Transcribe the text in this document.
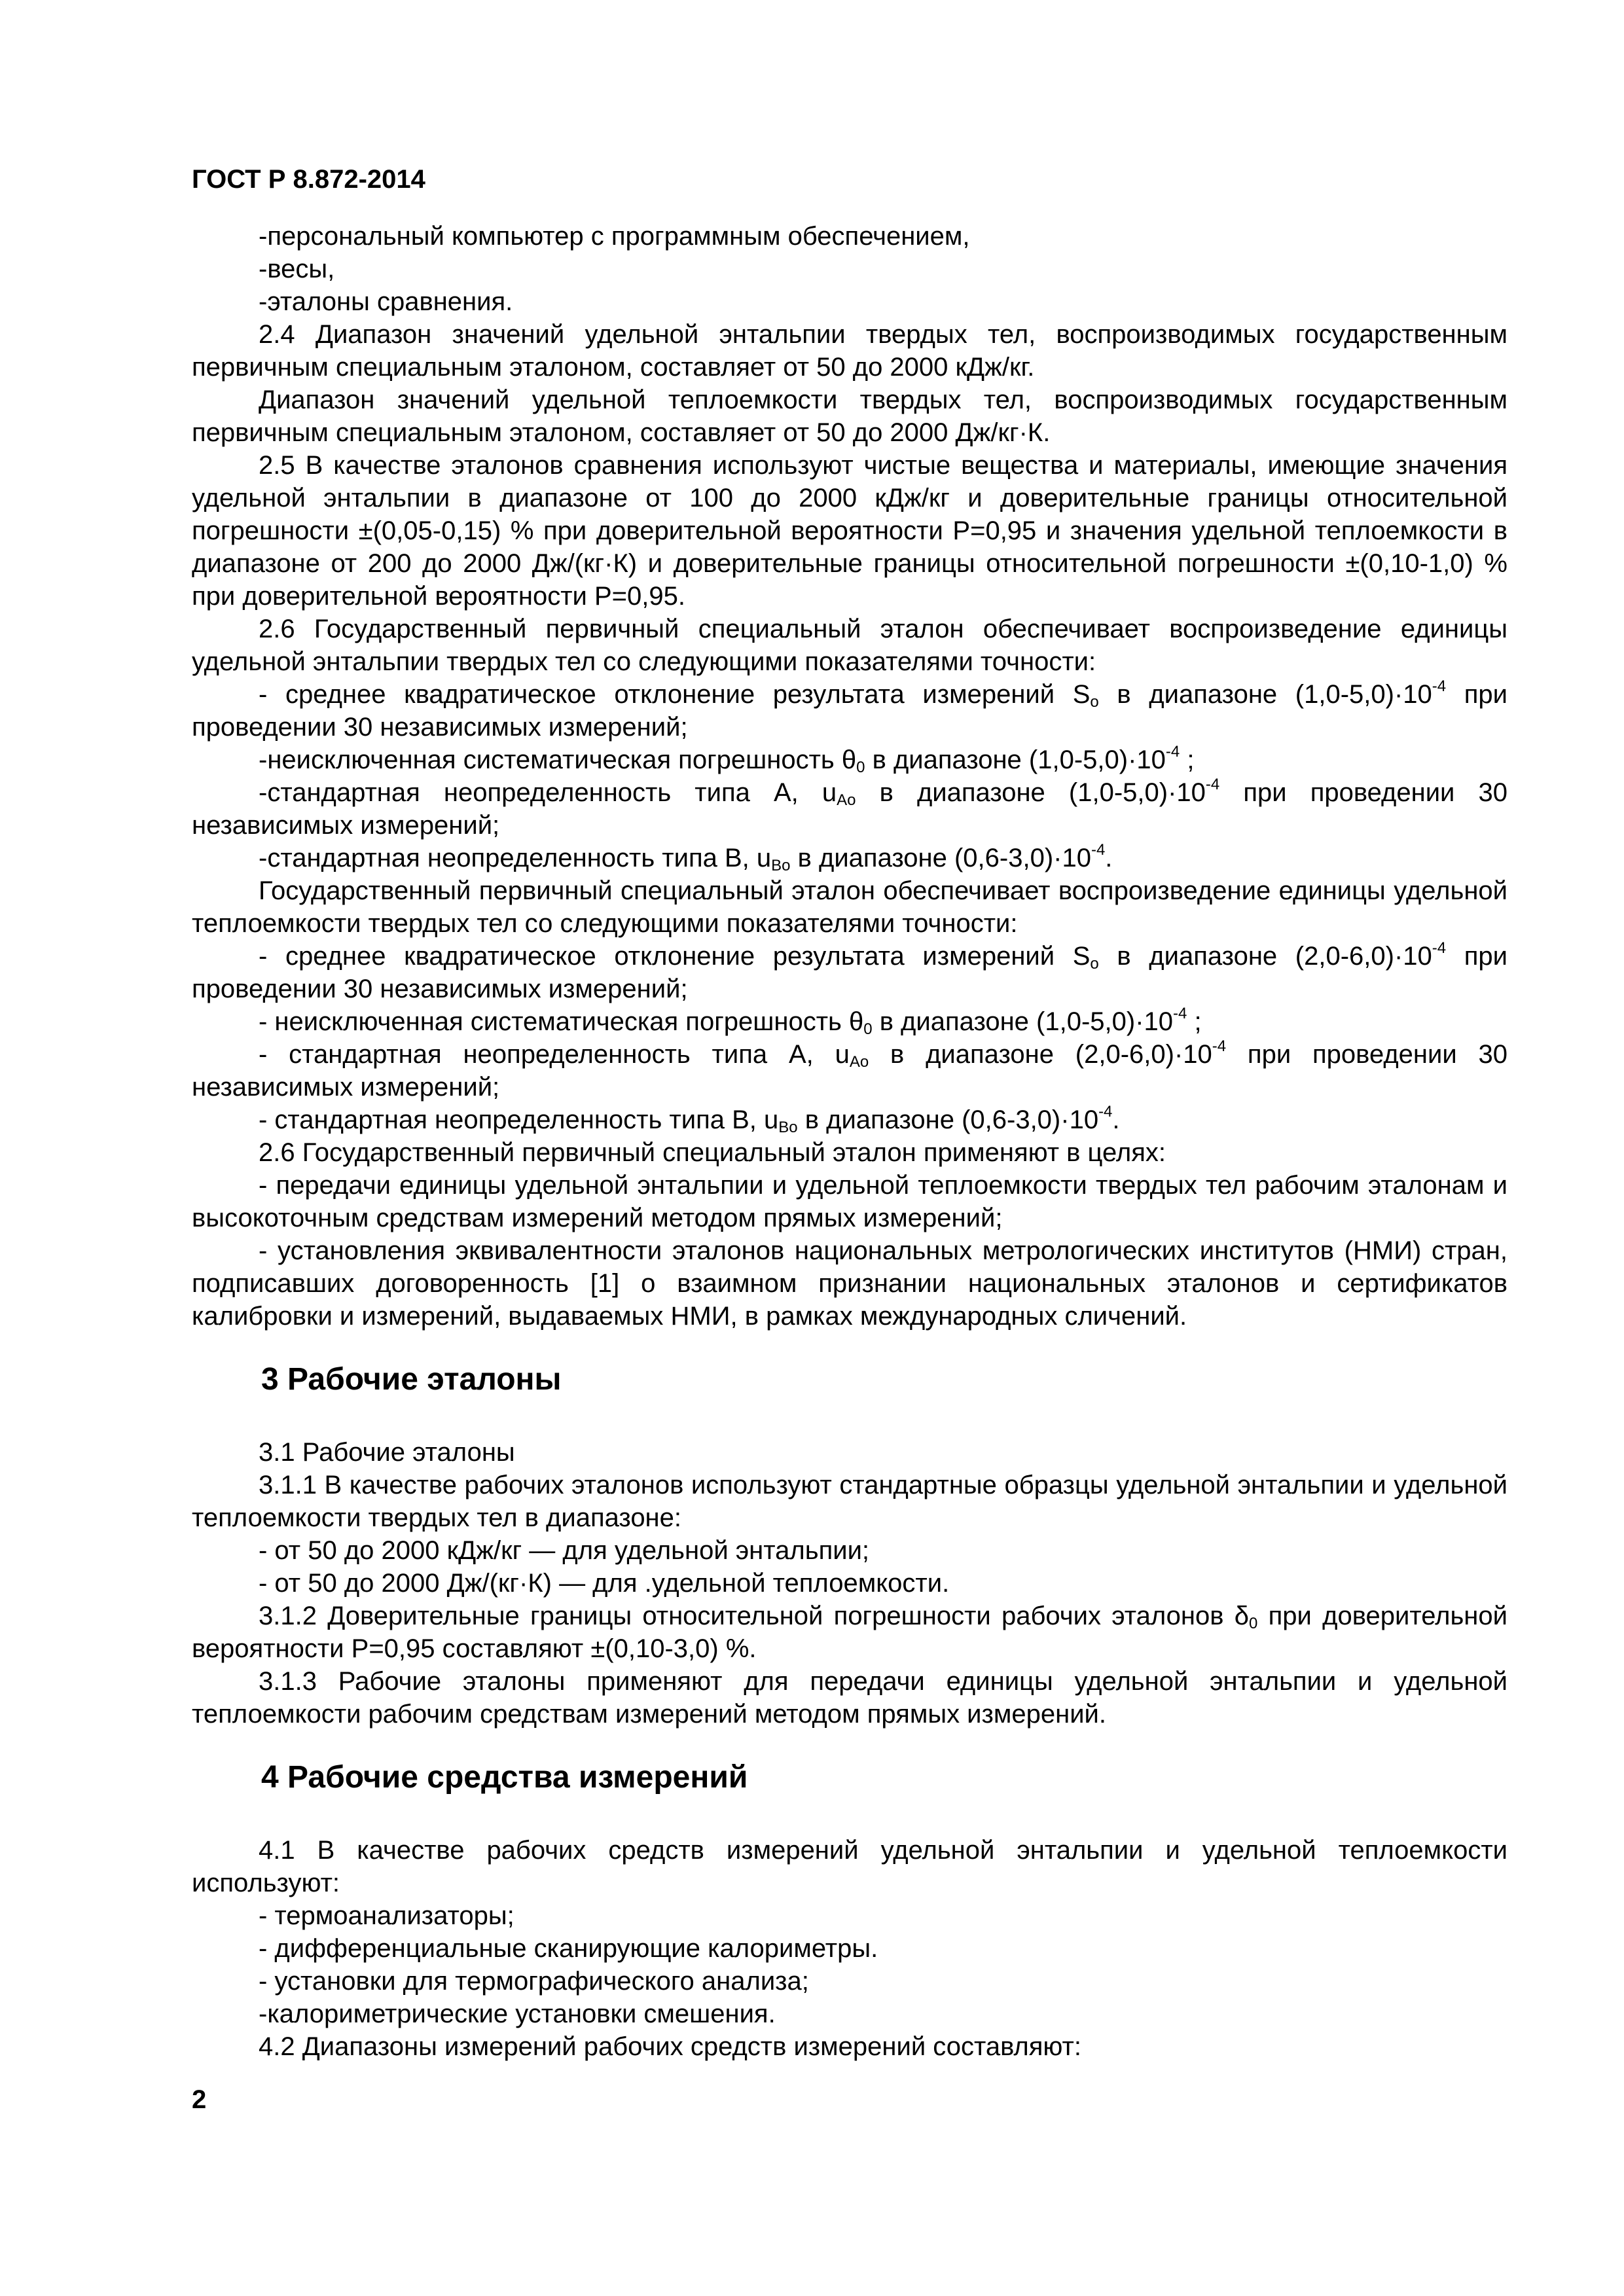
ГОСТ Р 8.872-2014

-персональный компьютер с программным обеспечением,

-весы,

-эталоны сравнения.

2.4 Диапазон значений удельной энтальпии твердых тел, воспроизводимых государственным первичным специальным эталоном, составляет от 50 до 2000 кДж/кг.

Диапазон значений удельной теплоемкости твердых тел, воспроизводимых государственным первичным специальным эталоном, составляет от 50 до 2000 Дж/кг·К.

2.5 В качестве эталонов сравнения используют чистые вещества и материалы, имеющие значения удельной энтальпии в диапазоне от 100 до 2000 кДж/кг и доверительные границы относительной погрешности ±(0,05-0,15) % при доверительной вероятности Р=0,95 и значения удельной теплоемкости в диапазоне от 200 до 2000 Дж/(кг·К) и доверительные границы относительной погрешности ±(0,10-1,0) % при доверительной вероятности Р=0,95.

2.6 Государственный первичный специальный эталон обеспечивает воспроизведение единицы удельной энтальпии твердых тел со следующими показателями точности:

- среднее квадратическое отклонение результата измерений $S_o$ в диапазоне $(1,0-5,0)\cdot 10^{-4}$ при проведении 30 независимых измерений;

-неисключенная систематическая погрешность $\theta_0$ в диапазоне $(1,0-5,0)\cdot 10^{-4}$ ;

-стандартная неопределенность типа А, $u_{Ao}$ в диапазоне $(1,0-5,0)\cdot 10^{-4}$ при проведении 30 независимых измерений;

-стандартная неопределенность типа В, $u_{Bo}$ в диапазоне $(0,6-3,0)\cdot 10^{-4}$.

Государственный первичный специальный эталон обеспечивает воспроизведение единицы удельной теплоемкости твердых тел со следующими показателями точности:

- среднее квадратическое отклонение результата измерений $S_o$ в диапазоне $(2,0-6,0)\cdot 10^{-4}$ при проведении 30 независимых измерений;

- неисключенная систематическая погрешность $\theta_0$ в диапазоне $(1,0-5,0)\cdot 10^{-4}$ ;

- стандартная неопределенность типа А, $u_{Ao}$ в диапазоне $(2,0-6,0)\cdot 10^{-4}$ при проведении 30 независимых измерений;

- стандартная неопределенность типа В, $u_{Bo}$ в диапазоне $(0,6-3,0)\cdot 10^{-4}$.

2.6 Государственный первичный специальный эталон применяют в целях:

- передачи единицы удельной энтальпии и удельной теплоемкости твердых тел рабочим эталонам и высокоточным средствам измерений методом прямых измерений;

- установления эквивалентности эталонов национальных метрологических институтов (НМИ) стран, подписавших договоренность [1] о взаимном признании национальных эталонов и сертификатов калибровки и измерений, выдаваемых НМИ, в рамках международных сличений.

3 Рабочие эталоны

3.1 Рабочие эталоны

3.1.1 В качестве рабочих эталонов используют стандартные образцы удельной энтальпии и удельной теплоемкости твердых тел в диапазоне:

- от 50 до 2000 кДж/кг — для удельной энтальпии;

- от 50 до 2000 Дж/(кг·К) — для .удельной теплоемкости.

3.1.2 Доверительные границы относительной погрешности рабочих эталонов $\delta_0$ при доверительной вероятности Р=0,95 составляют ±(0,10-3,0) %.

3.1.3 Рабочие эталоны применяют для передачи единицы удельной энтальпии и удельной теплоемкости рабочим средствам измерений методом прямых измерений.

4 Рабочие средства измерений

4.1 В качестве рабочих средств измерений удельной энтальпии и удельной теплоемкости используют:

- термоанализаторы;

- дифференциальные сканирующие калориметры.

- установки для термографического анализа;

-калориметрические установки смешения.

4.2 Диапазоны измерений рабочих средств измерений составляют:

2
